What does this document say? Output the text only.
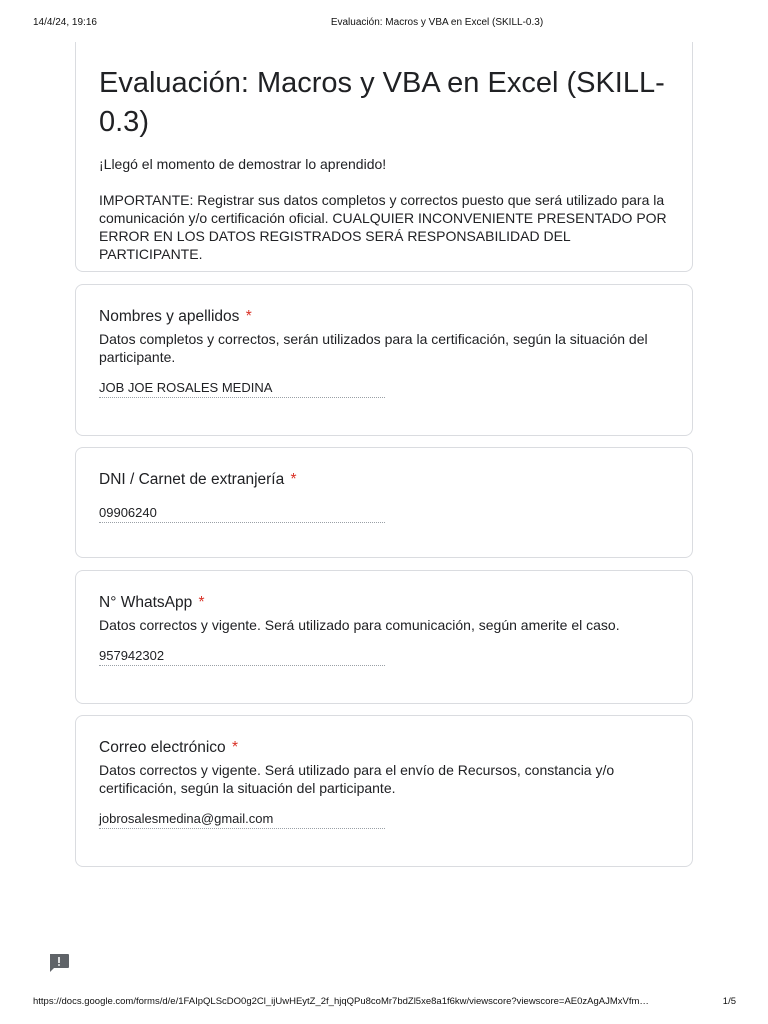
14/4/24, 19:16	Evaluación: Macros y VBA en Excel (SKILL-0.3)
Evaluación: Macros y VBA en Excel (SKILL-0.3)

¡Llegó el momento de demostrar lo aprendido!

IMPORTANTE: Registrar sus datos completos y correctos puesto que será utilizado para la comunicación y/o certificación oficial. CUALQUIER INCONVENIENTE PRESENTADO POR ERROR EN LOS DATOS REGISTRADOS SERÁ RESPONSABILIDAD DEL PARTICIPANTE.

Nombres y apellidos *
Datos completos y correctos, serán utilizados para la certificación, según la situación del participante.
JOB JOE ROSALES MEDINA
DNI / Carnet de extranjería *
09906240
N° WhatsApp *
Datos correctos y vigente. Será utilizado para comunicación, según amerite el caso.
957942302
Correo electrónico *
Datos correctos y vigente. Será utilizado para el envío de Recursos, constancia y/o certificación, según la situación del participante.
jobrosalesmedina@gmail.com
https://docs.google.com/forms/d/e/1FAIpQLScDO0g2Cl_ijUwHEytZ_2f_hjqQPu8coMr7bdZl5xe8a1f6kw/viewscore?viewscore=AE0zAgAJMxVfm…	1/5
